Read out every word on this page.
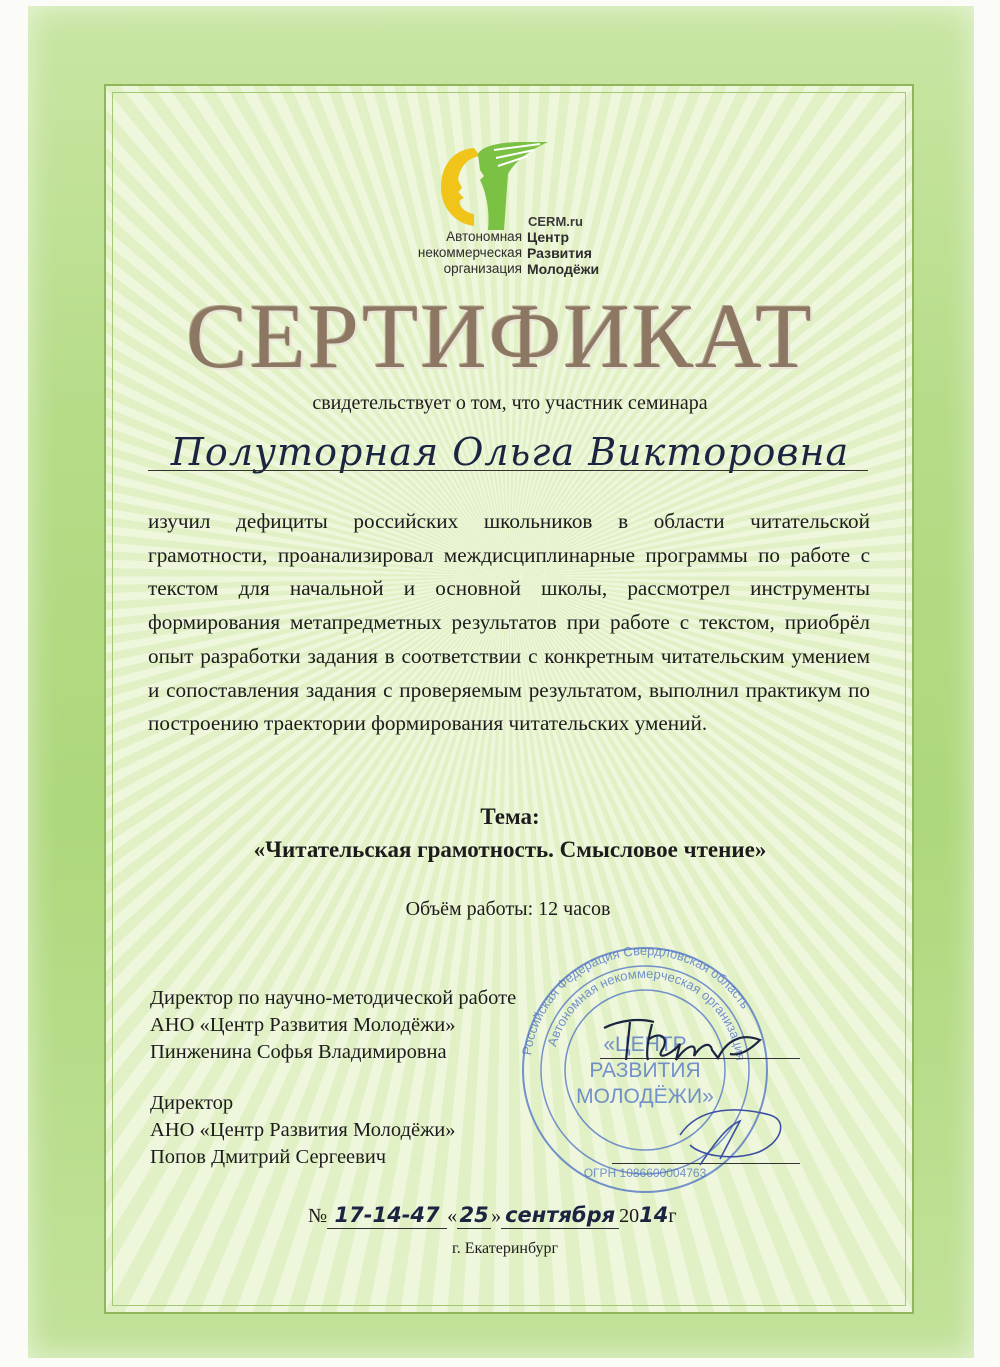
CERM.ru
Автономная
некоммерческая
организация
Центр
Развития
Молодёжи
СЕРТИФИКАТ
свидетельствует о том, что участник семинара
Полуторная Ольга Викторовна
изучил дефициты российских школьников в области читательской грамотности, проанализировал междисциплинарные программы по работе с текстом для начальной и основной школы, рассмотрел инструменты формирования метапредметных результатов при работе с текстом, приобрёл опыт разработки задания в соответствии с конкретным читательским умением и сопоставления задания с проверяемым результатом, выполнил практикум по построению траектории формирования читательских умений.
Тема:
«Читательская грамотность. Смысловое чтение»
Объём работы: 12 часов
Российская Федерация Свердловская область
Автономная некоммерческая организация
«ЦЕНТР
РАЗВИТИЯ
МОЛОДЁЖИ»
ОГРН 1086600004763
Директор по научно-методической работе
АНО «Центр Развития Молодёжи»
Пинженина Софья Владимировна
Директор
АНО «Центр Развития Молодёжи»
Попов Дмитрий Сергеевич
№ 17-14-47 « 25 » сентября 2014г
г. Екатеринбург
